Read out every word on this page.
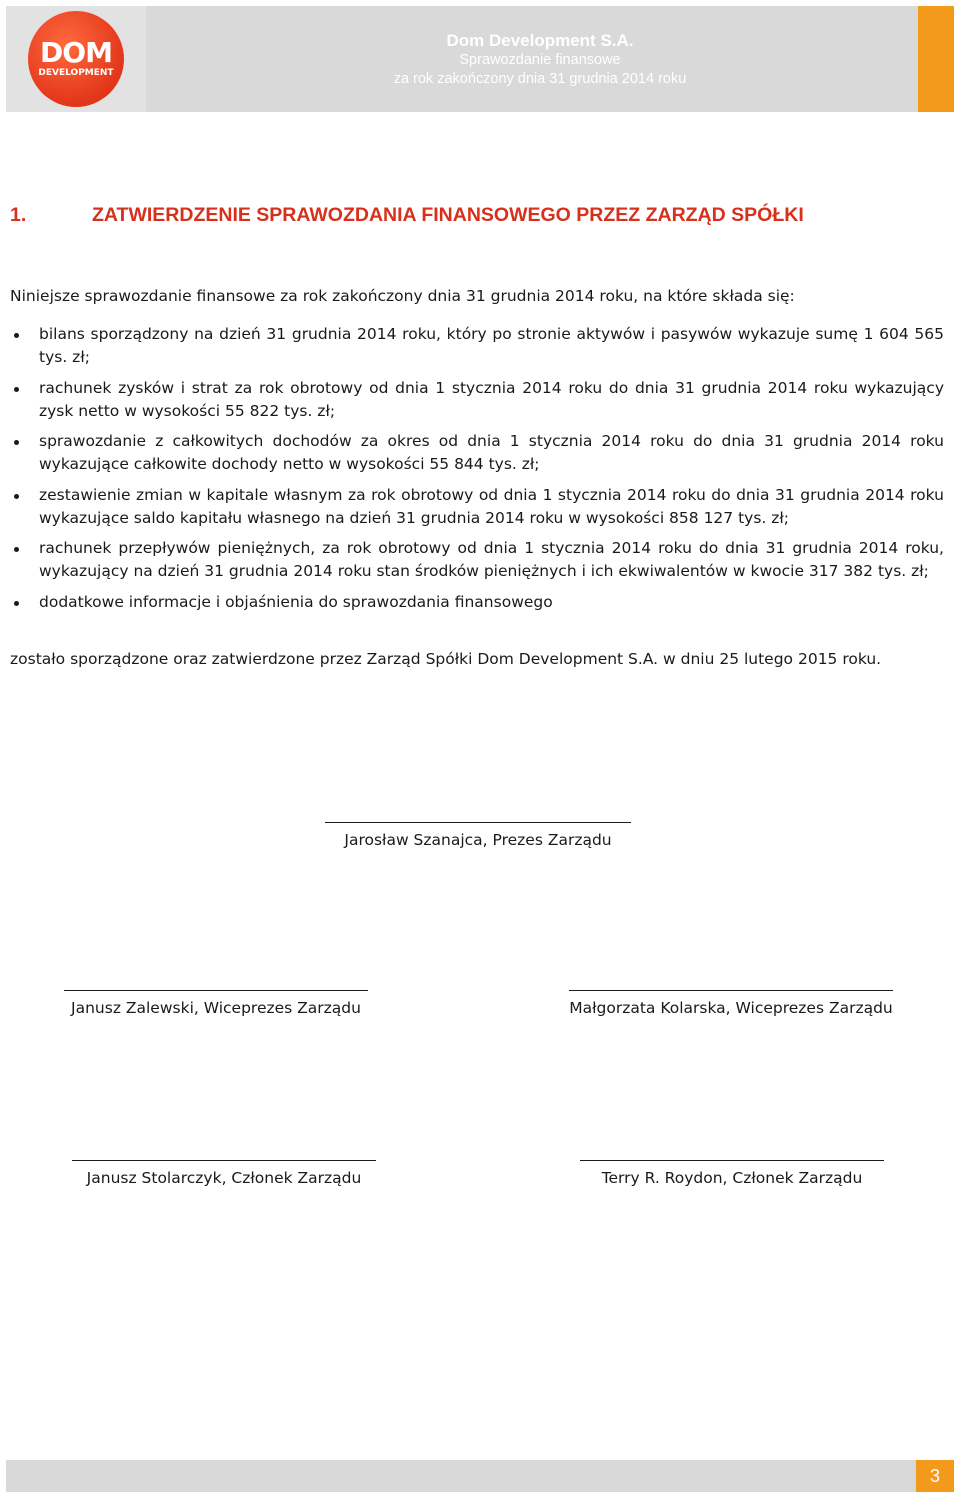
DOM
DEVELOPMENT
Dom Development S.A.
Sprawozdanie finansowe
za rok zakończony dnia 31 grudnia 2014 roku
1.	ZATWIERDZENIE SPRAWOZDANIA FINANSOWEGO PRZEZ ZARZĄD SPÓŁKI
Niniejsze sprawozdanie finansowe za rok zakończony dnia 31 grudnia 2014 roku, na które składa się:
bilans sporządzony na dzień 31 grudnia 2014 roku, który po stronie aktywów i pasywów wykazuje sumę 1 604 565 tys. zł;
rachunek zysków i strat za rok obrotowy od dnia 1 stycznia 2014 roku do dnia 31 grudnia 2014 roku wykazujący zysk netto w wysokości 55 822 tys. zł;
sprawozdanie z całkowitych dochodów za okres od dnia 1 stycznia 2014 roku do dnia 31 grudnia 2014 roku wykazujące całkowite dochody netto w wysokości 55 844 tys. zł;
zestawienie zmian w kapitale własnym za rok obrotowy od dnia 1 stycznia 2014 roku do dnia 31 grudnia 2014 roku wykazujące saldo kapitału własnego na dzień 31 grudnia 2014 roku w wysokości 858 127 tys. zł;
rachunek przepływów pieniężnych, za rok obrotowy od dnia 1 stycznia 2014 roku do dnia 31 grudnia 2014 roku, wykazujący na dzień 31 grudnia 2014 roku stan środków pieniężnych i ich ekwiwalentów w kwocie 317 382 tys. zł;
dodatkowe informacje i objaśnienia do sprawozdania finansowego
zostało sporządzone oraz zatwierdzone przez Zarząd Spółki Dom Development S.A. w dniu 25 lutego 2015 roku.
Jarosław Szanajca, Prezes Zarządu
Janusz Zalewski, Wiceprezes Zarządu	Małgorzata Kolarska, Wiceprezes Zarządu
Janusz Stolarczyk, Członek Zarządu	Terry R. Roydon, Członek Zarządu
3
